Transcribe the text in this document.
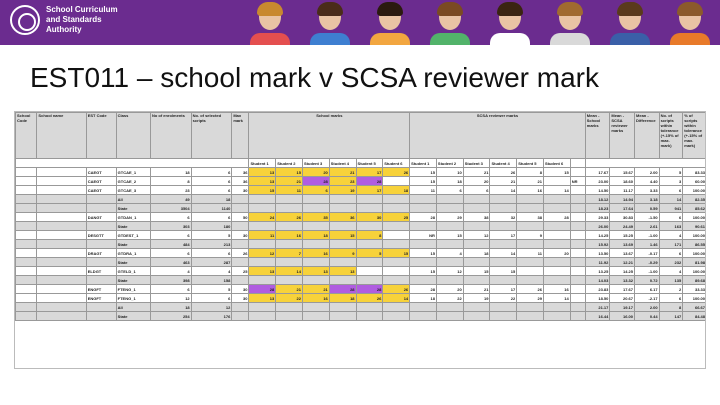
School Curriculum
and Standards
Authority
EST011 – school mark v SCSA reviewer mark
School Code	School name	EST Code	Class	No of enrolments	No. of selected scripts	Max mark	School marks						SCSA reviewer marks							Mean - School marks	Mean - SCSA reviewer marks	Mean - Difference	No. of scripts within tolerance (+-15% of max. mark)	% of scripts within tolerance (+-15% of max. mark)
							Student 1	Student 2	Student 3	Student 4	Student 5	Student 6	Student 1	Student 2	Student 3	Student 4	Student 5	Student 6						
		CAEGT	GTCAE_1	18	6	36	13	15	20	21	17	26	15	10	21	26	8	15		17.67	15.67	2.00	5	83.33
		CAEGT	GTCAE_2	8	6	36	13	21	28	23	28		15	18	20	21	21		NR	23.00	18.60	4.40	3	60.00
		CAEGT	GTCAE_3	23	6	30	15	11	6	19	17	18	11	6	6	14	16	14		14.50	11.17	3.33	6	100.00
			All	49	18															18.12	14.94	3.18	14	82.35
			State	3504	1140															18.23	17.64	0.59	941	85.62
		DANGT	GTDAN_1	6	6	50	24	26	35	36	30	25	28	29	38	32	38	28		29.33	30.83	-1.50	6	100.00
			State	303	180															26.00	24.49	2.61	163	90.61
		DESGTT	GTDEST_1	6	5	30	11	16	18	15	8		NR	15	12	17	9			14.25	15.25	-1.00	4	100.00
			State	484	213															15.92	13.69	1.46	171	86.55
		DRAGT	GTDRA_1	6	6	26	12	7	16	9	5	15	15	4	18	14	11	20		13.50	13.67	-0.17	6	100.00
			State	463	287															11.92	12.21	-0.29	232	81.98
		ELDGT	GTELD_1	4	4	25	13	14	13	13			15	12	15	15				13.25	14.25	-1.00	4	100.00
			State	398	158															14.03	13.32	0.72	135	89.68
		ENGFT	FTENG_1	6	5	30	28	21	21	28	28	26	28	20	21	17	26	16		23.83	17.67	6.17	2	33.33
		ENGFT	FTENG_1	12	6	30	13	22	16	18	26	14	18	22	19	22	29	14		18.50	20.67	-2.17	6	100.00
			All	18	12															21.17	19.17	2.00	8	66.67
			State	254	176															16.44	16.00	0.44	147	84.48
